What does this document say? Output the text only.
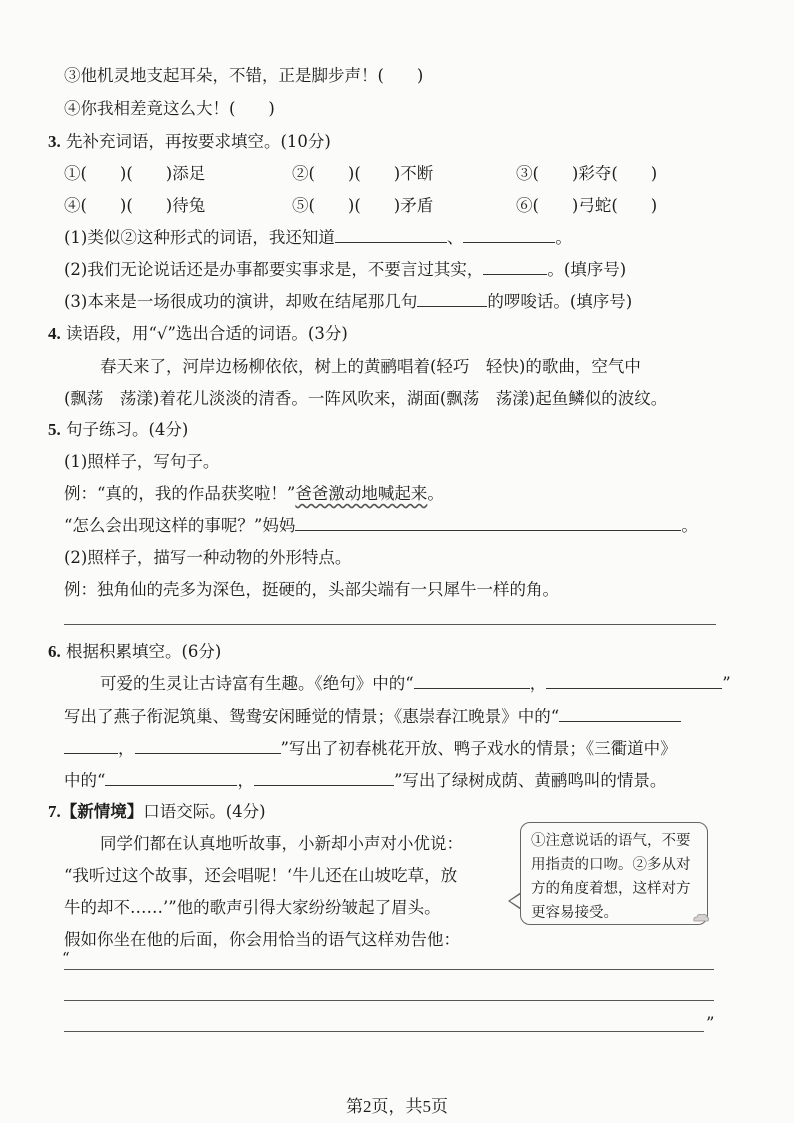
③他机灵地支起耳朵，不错，正是脚步声！(　　)
④你我相差竟这么大！(　　)
3. 先补充词语，再按要求填空。(10分)
①(　　)(　　)添足	②(　　)(　　)不断	③(　　)彩夺(　　)
④(　　)(　　)待兔	⑤(　　)(　　)矛盾	⑥(　　)弓蛇(　　)
(1)类似②这种形式的词语，我还知道	、	。
(2)我们无论说话还是办事都要实事求是，不要言过其实，	。(填序号)
(3)本来是一场很成功的演讲，却败在结尾那几句	的啰唆话。(填序号)
4. 读语段，用“√”选出合适的词语。(3分)
春天来了，河岸边杨柳依依，树上的黄鹂唱着(轻巧　轻快)的歌曲，空气中
(飘荡　荡漾)着花儿淡淡的清香。一阵风吹来，湖面(飘荡　荡漾)起鱼鳞似的波纹。
5. 句子练习。(4分)
(1)照样子，写句子。
例：“真的，我的作品获奖啦！”爸爸激动地喊起来。
“怎么会出现这样的事呢？”妈妈	。
(2)照样子，描写一种动物的外形特点。
例：独角仙的壳多为深色，挺硬的，头部尖端有一只犀牛一样的角。
6. 根据积累填空。(6分)
可爱的生灵让古诗富有生趣。《绝句》中的“	，	”
写出了燕子衔泥筑巢、鸳鸯安闲睡觉的情景；《惠崇春江晚景》中的“
，	”写出了初春桃花开放、鸭子戏水的情景；《三衢道中》
中的“	，	”写出了绿树成荫、黄鹂鸣叫的情景。
7.【新情境】口语交际。(4分)
同学们都在认真地听故事，小新却小声对小优说：
“我听过这个故事，还会唱呢！‘牛儿还在山坡吃草，放
牛的却不……’”他的歌声引得大家纷纷皱起了眉头。
假如你坐在他的后面，你会用恰当的语气这样劝告他：
①注意说话的语气，不要用指责的口吻。②多从对方的角度着想，这样对方更容易接受。
“
”
第2页，共5页
